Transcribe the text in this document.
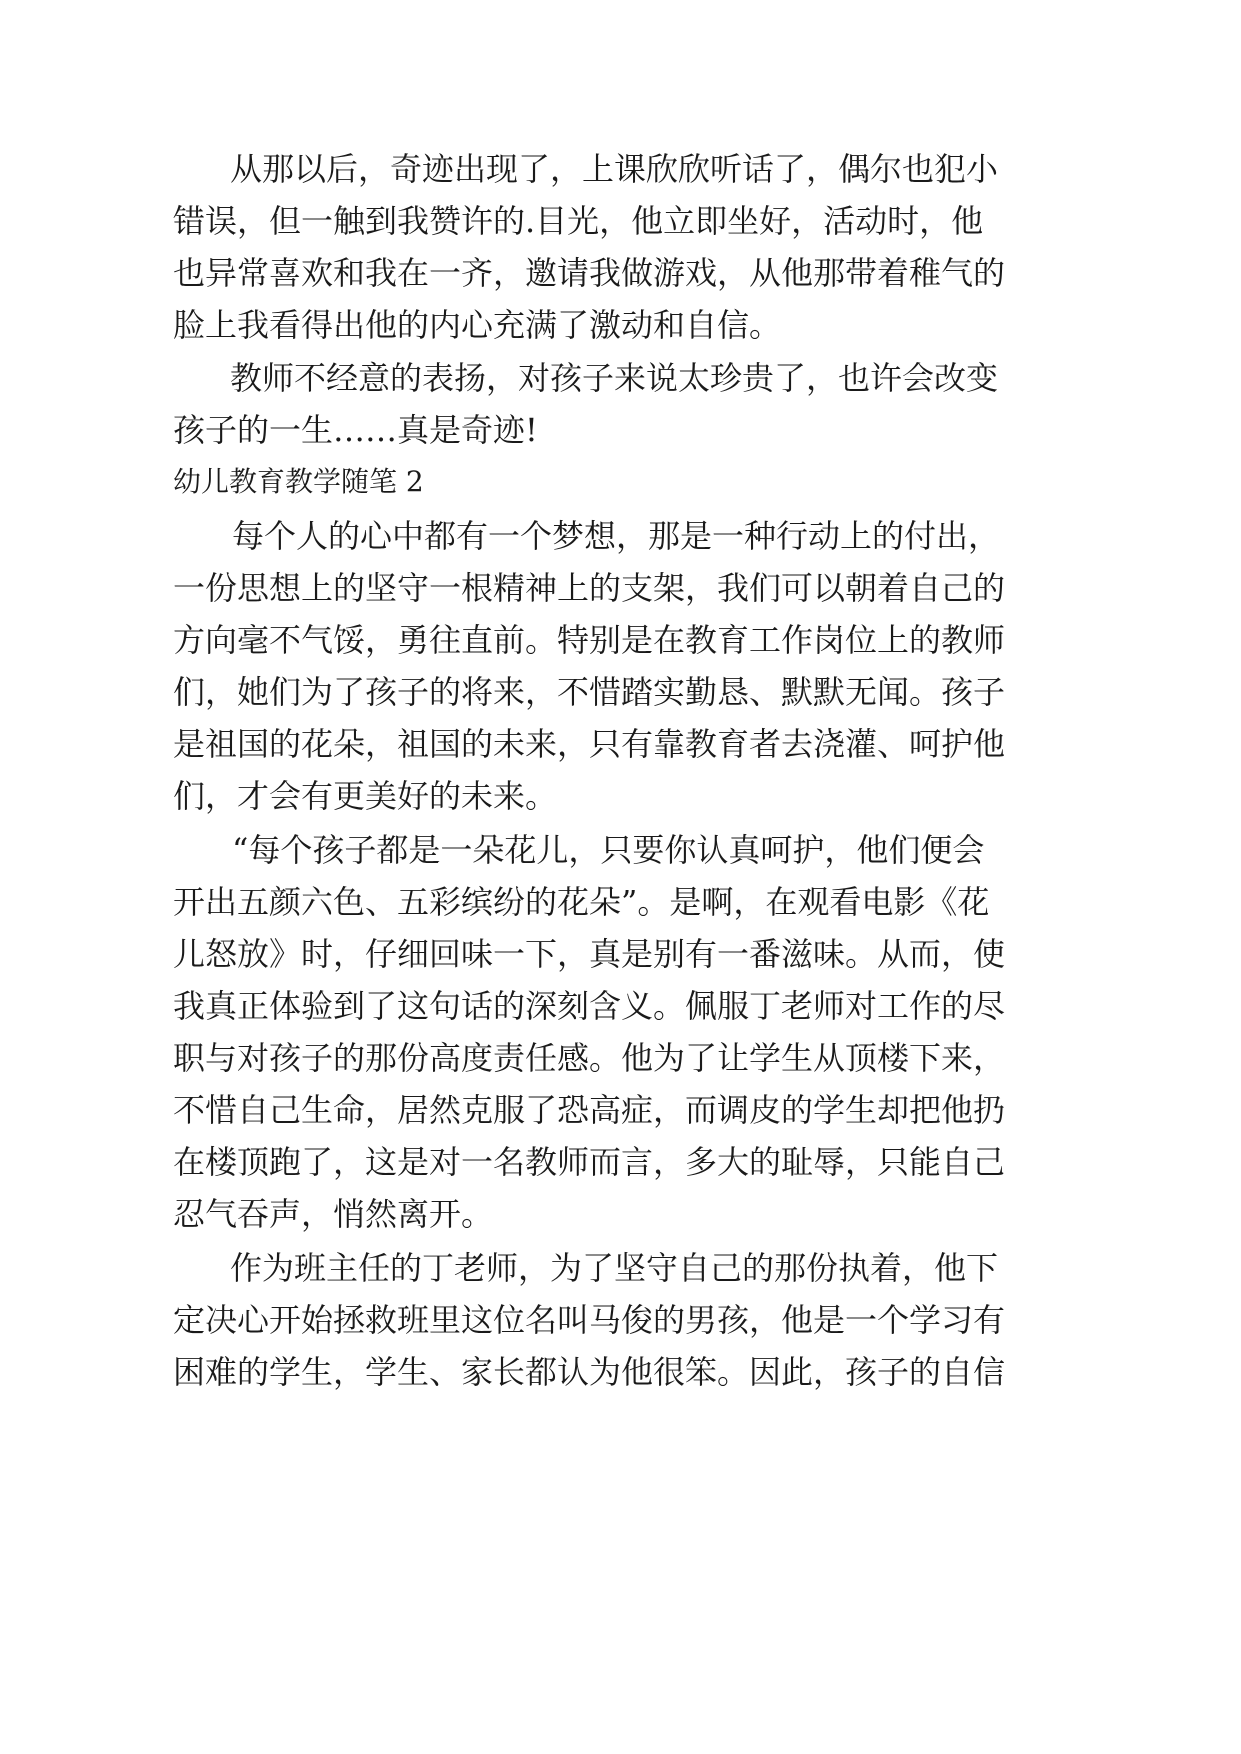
从那以后，奇迹出现了，上课欣欣听话了，偶尔也犯小
错误，但一触到我赞许的.目光，他立即坐好，活动时，他
也异常喜欢和我在一齐，邀请我做游戏，从他那带着稚气的
脸上我看得出他的内心充满了激动和自信。
教师不经意的表扬，对孩子来说太珍贵了，也许会改变
孩子的一生……真是奇迹!
幼儿教育教学随笔 2
每个人的心中都有一个梦想，那是一种行动上的付出，
一份思想上的坚守一根精神上的支架，我们可以朝着自己的
方向毫不气馁，勇往直前。特别是在教育工作岗位上的教师
们，她们为了孩子的将来，不惜踏实勤恳、默默无闻。孩子
是祖国的花朵，祖国的未来，只有靠教育者去浇灌、呵护他
们，才会有更美好的未来。
“每个孩子都是一朵花儿，只要你认真呵护，他们便会
开出五颜六色、五彩缤纷的花朵”。是啊，在观看电影《花
儿怒放》时，仔细回味一下，真是别有一番滋味。从而，使
我真正体验到了这句话的深刻含义。佩服丁老师对工作的尽
职与对孩子的那份高度责任感。他为了让学生从顶楼下来，
不惜自己生命，居然克服了恐高症，而调皮的学生却把他扔
在楼顶跑了，这是对一名教师而言，多大的耻辱，只能自己
忍气吞声，悄然离开。
作为班主任的丁老师，为了坚守自己的那份执着，他下
定决心开始拯救班里这位名叫马俊的男孩，他是一个学习有
困难的学生，学生、家长都认为他很笨。因此，孩子的自信
